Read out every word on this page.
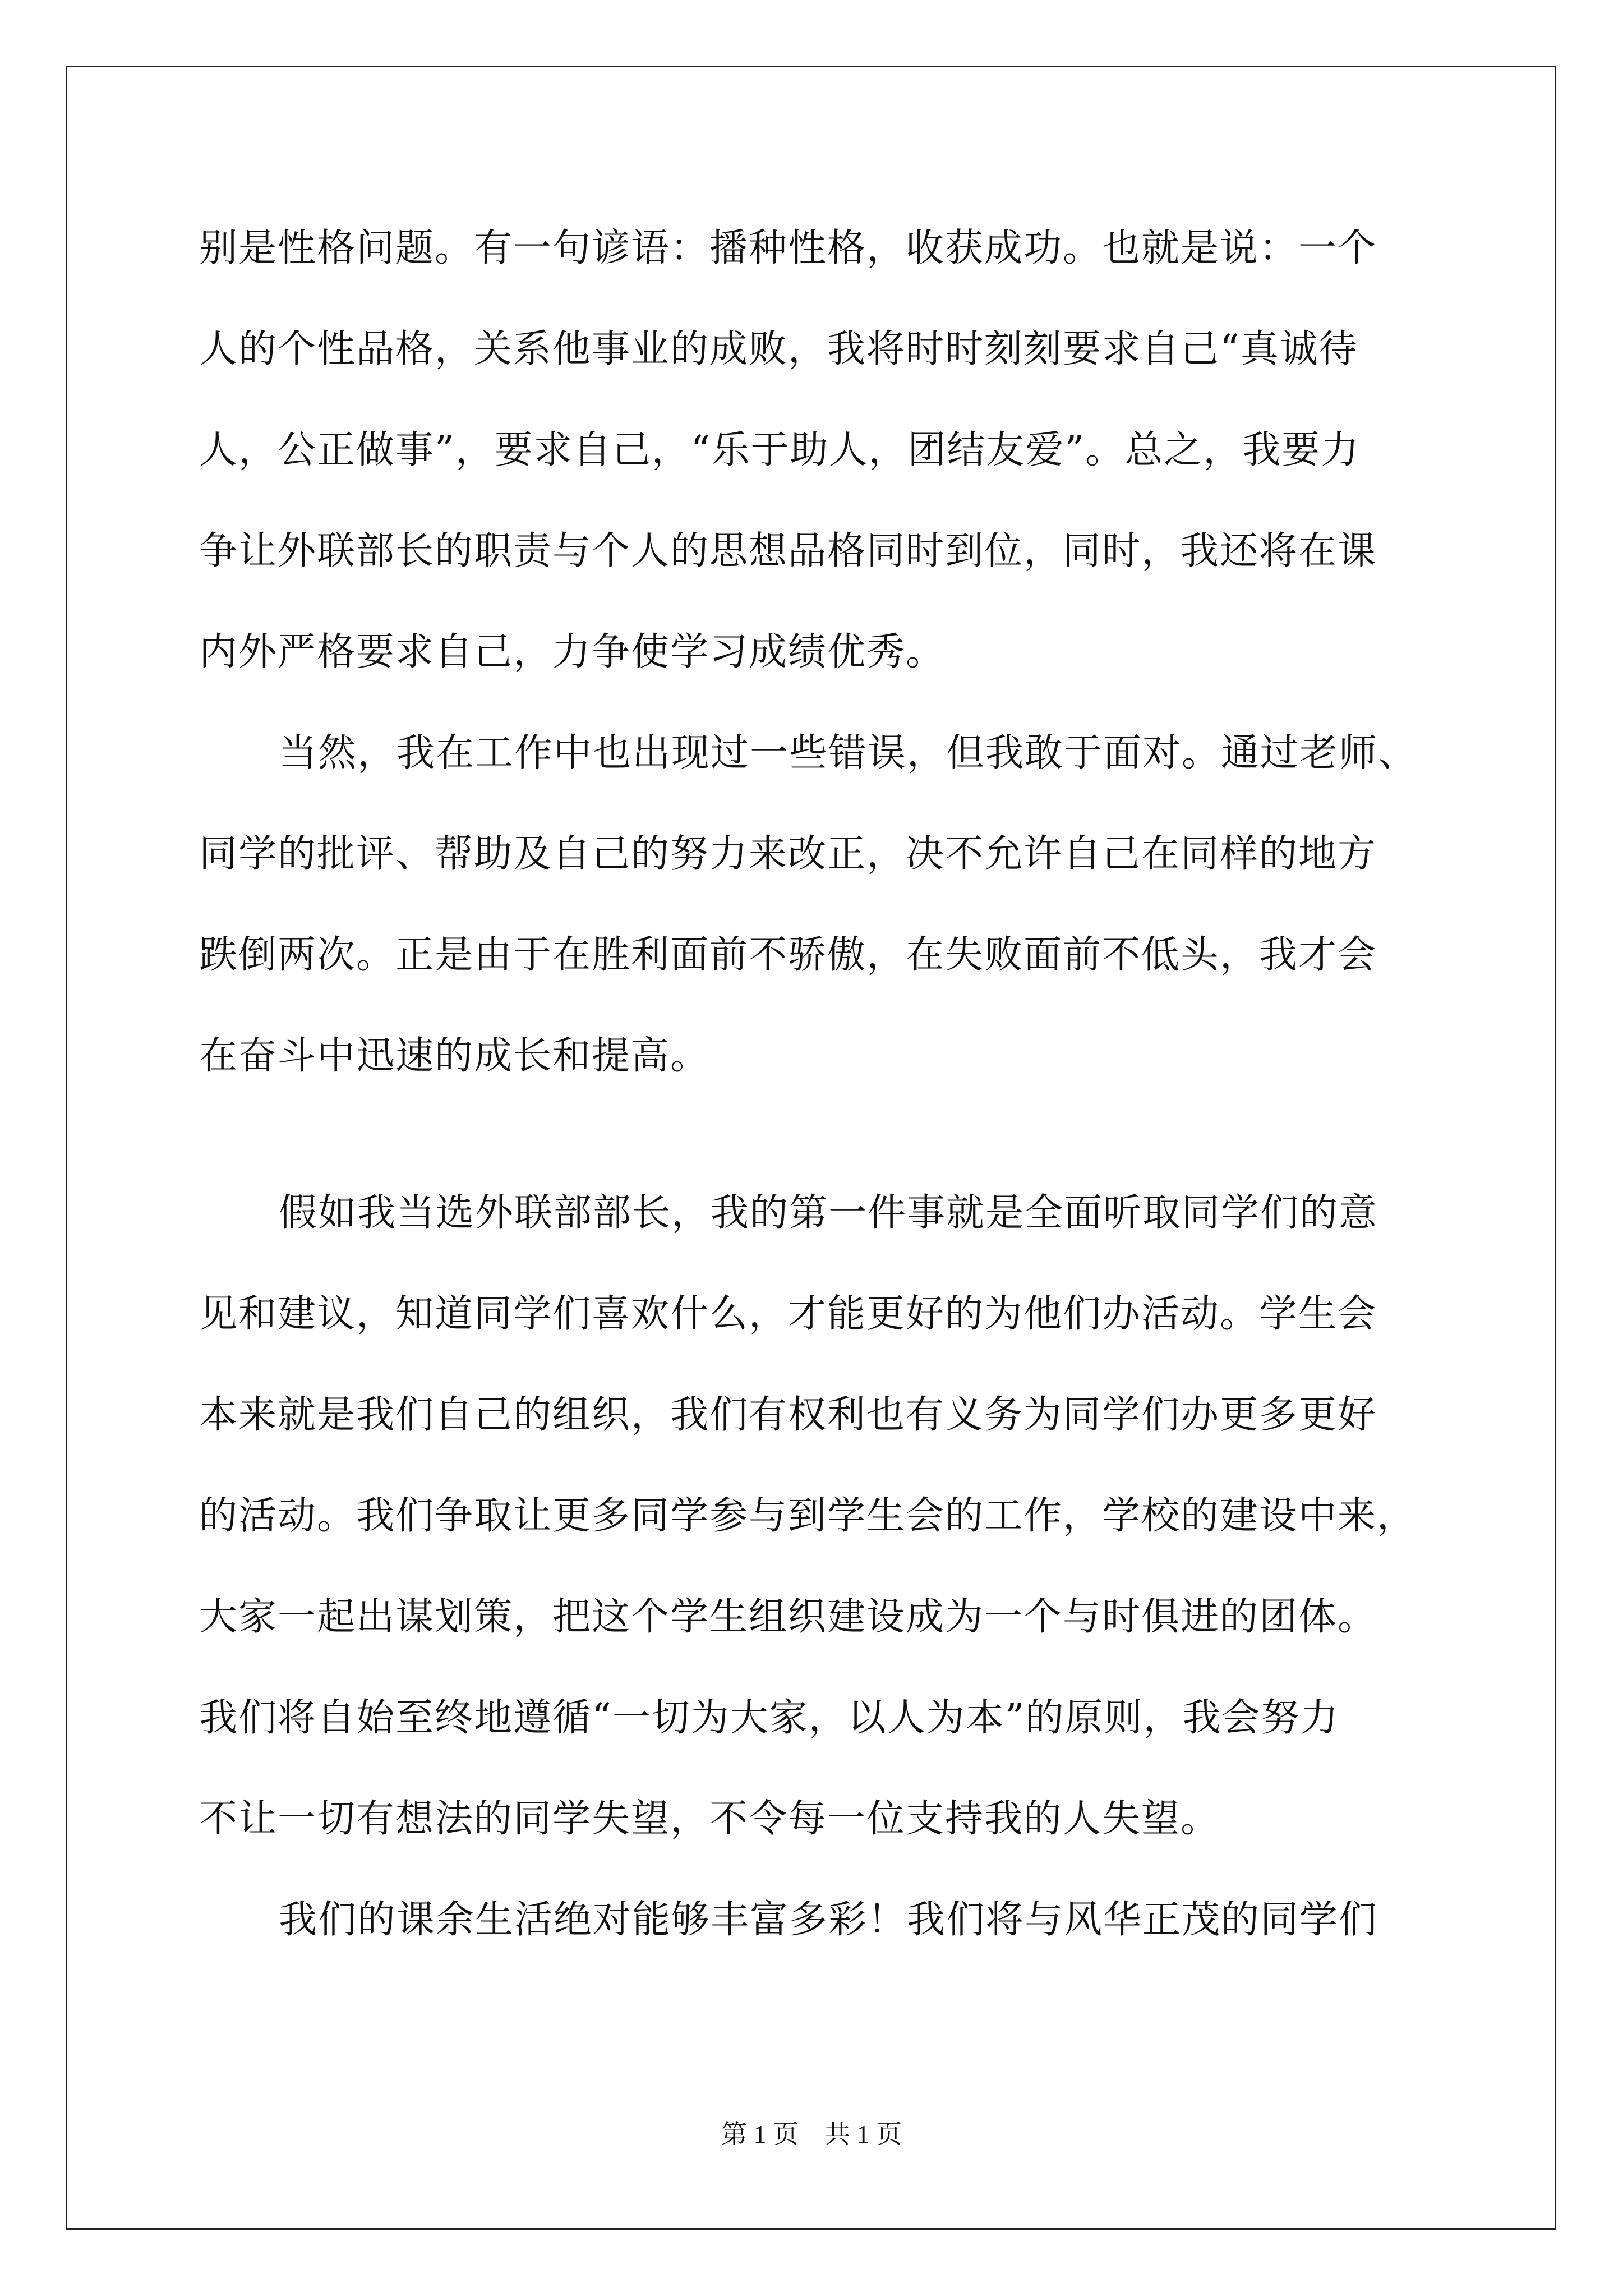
别是性格问题。有一句谚语：播种性格，收获成功。也就是说：一个
人的个性品格，关系他事业的成败，我将时时刻刻要求自己“真诚待
人，公正做事”，要求自己，“乐于助人，团结友爱”。总之，我要力
争让外联部长的职责与个人的思想品格同时到位，同时，我还将在课
内外严格要求自己，力争使学习成绩优秀。
当然，我在工作中也出现过一些错误，但我敢于面对。通过老师、
同学的批评、帮助及自己的努力来改正，决不允许自己在同样的地方
跌倒两次。正是由于在胜利面前不骄傲，在失败面前不低头，我才会
在奋斗中迅速的成长和提高。
假如我当选外联部部长，我的第一件事就是全面听取同学们的意
见和建议，知道同学们喜欢什么，才能更好的为他们办活动。学生会
本来就是我们自己的组织，我们有权利也有义务为同学们办更多更好
的活动。我们争取让更多同学参与到学生会的工作，学校的建设中来，
大家一起出谋划策，把这个学生组织建设成为一个与时俱进的团体。
我们将自始至终地遵循“一切为大家，以人为本”的原则，我会努力
不让一切有想法的同学失望，不令每一位支持我的人失望。
我们的课余生活绝对能够丰富多彩！我们将与风华正茂的同学们
第 1 页　共 1 页
